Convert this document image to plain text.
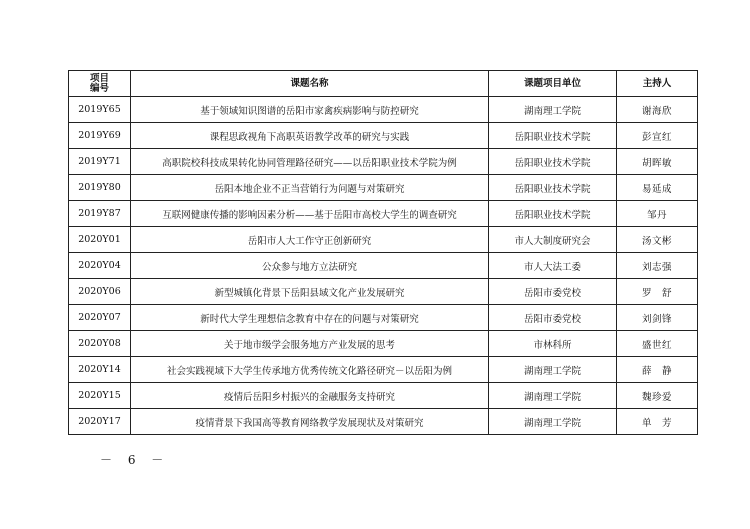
项目
编号	课题名称	课题项目单位	主持人
2019Y65	基于领域知识图谱的岳阳市家禽疾病影响与防控研究	湖南理工学院	谢海欣
2019Y69	课程思政视角下高职英语教学改革的研究与实践	岳阳职业技术学院	彭宣红
2019Y71	高职院校科技成果转化协同管理路径研究——以岳阳职业技术学院为例	岳阳职业技术学院	胡晖敏
2019Y80	岳阳本地企业不正当营销行为问题与对策研究	岳阳职业技术学院	易延成
2019Y87	互联网健康传播的影响因素分析——基于岳阳市高校大学生的调查研究	岳阳职业技术学院	邹丹
2020Y01	岳阳市人大工作守正创新研究	市人大制度研究会	汤文彬
2020Y04	公众参与地方立法研究	市人大法工委	刘志强
2020Y06	新型城镇化背景下岳阳县域文化产业发展研究	岳阳市委党校	罗　舒
2020Y07	新时代大学生理想信念教育中存在的问题与对策研究	岳阳市委党校	刘剑锋
2020Y08	关于地市级学会服务地方产业发展的思考	市林科所	盛世红
2020Y14	社会实践视域下大学生传承地方优秀传统文化路径研究－以岳阳为例	湖南理工学院	薛　静
2020Y15	疫情后岳阳乡村振兴的金融服务支持研究	湖南理工学院	魏珍爱
2020Y17	疫情背景下我国高等教育网络教学发展现状及对策研究	湖南理工学院	单　芳
－ 6 －
